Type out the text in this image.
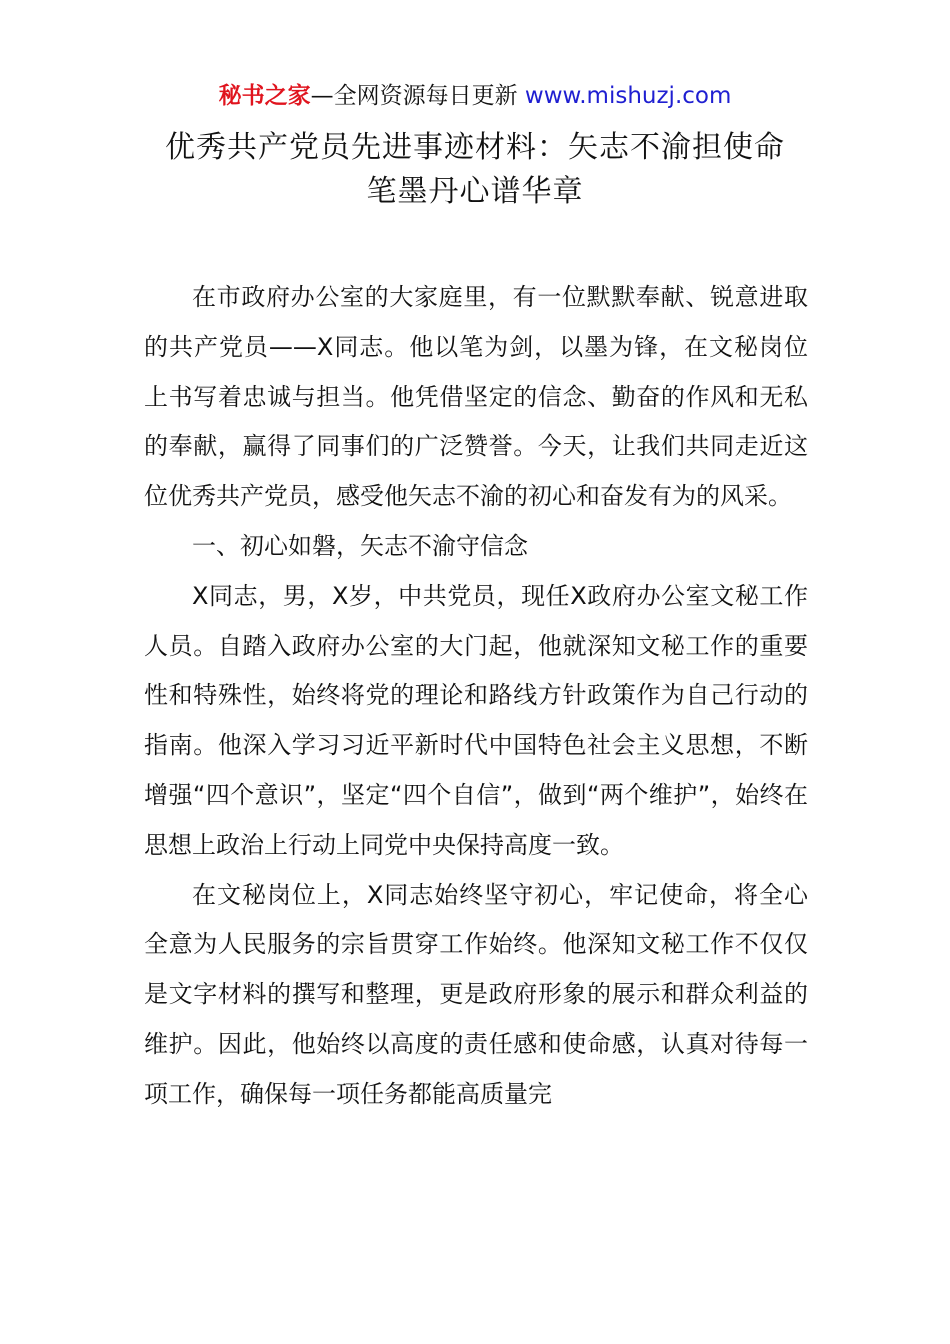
秘书之家—全网资源每日更新 www.mishuzj.com
优秀共产党员先进事迹材料：矢志不渝担使命
笔墨丹心谱华章

在市政府办公室的大家庭里，有一位默默奉献、锐意进取的共产党员——X同志。他以笔为剑，以墨为锋，在文秘岗位上书写着忠诚与担当。他凭借坚定的信念、勤奋的作风和无私的奉献，赢得了同事们的广泛赞誉。今天，让我们共同走近这位优秀共产党员，感受他矢志不渝的初心和奋发有为的风采。

一、初心如磐，矢志不渝守信念

X同志，男，X岁，中共党员，现任X政府办公室文秘工作人员。自踏入政府办公室的大门起，他就深知文秘工作的重要性和特殊性，始终将党的理论和路线方针政策作为自己行动的指南。他深入学习习近平新时代中国特色社会主义思想，不断增强“四个意识”，坚定“四个自信”，做到“两个维护”，始终在思想上政治上行动上同党中央保持高度一致。

在文秘岗位上，X同志始终坚守初心，牢记使命，将全心全意为人民服务的宗旨贯穿工作始终。他深知文秘工作不仅仅是文字材料的撰写和整理，更是政府形象的展示和群众利益的维护。因此，他始终以高度的责任感和使命感，认真对待每一项工作，确保每一项任务都能高质量完
